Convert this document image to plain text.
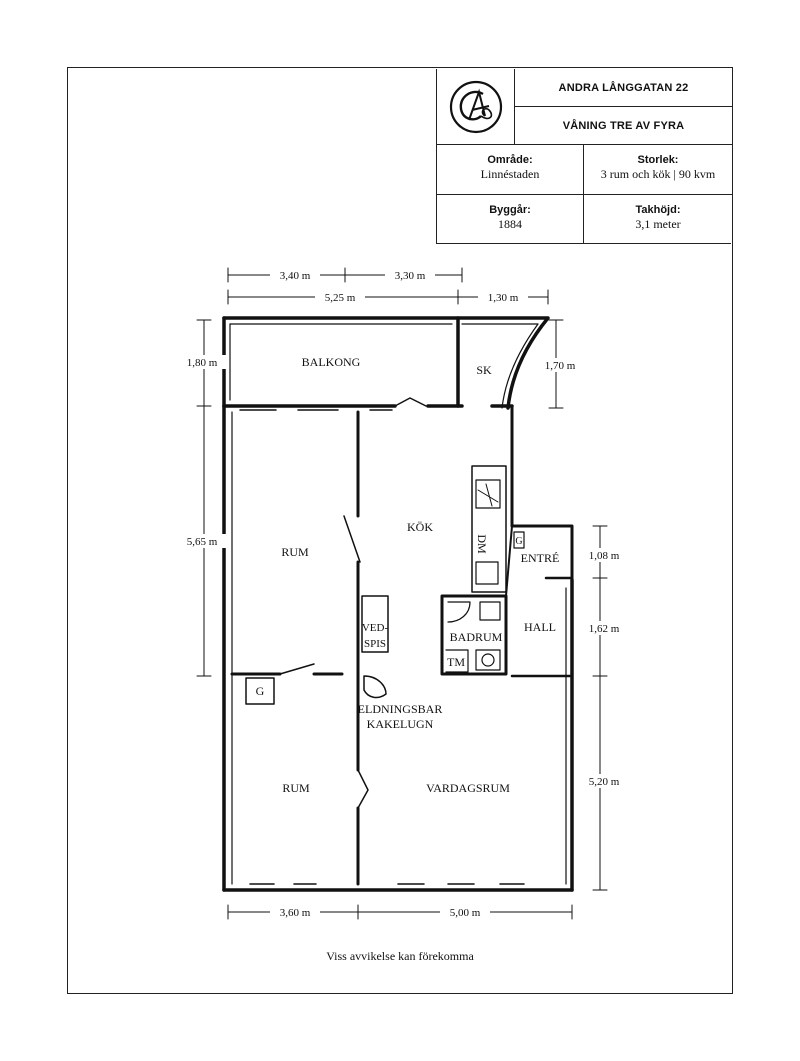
A
ANDRA LÅNGGATAN 22
VÅNING TRE AV FYRA
Område:
Linnéstaden
Storlek:
3 rum och kök | 90 kvm
Byggår:
1884
Takhöjd:
3,1 meter
3,40 m	3,30 m
5,25 m	1,30 m
1,80 m
5,65 m
1,70 m
1,08 m
1,62 m
5,20 m
3,60 m	5,00 m
BALKONG
SK
KÖK
RUM
RUM	VARDAGSRUM
ENTRÉ
HALL
BADRUM
DM
TM
G
G
VED-
SPIS
ELDNINGSBAR
KAKELUGN
Viss avvikelse kan förekomma
